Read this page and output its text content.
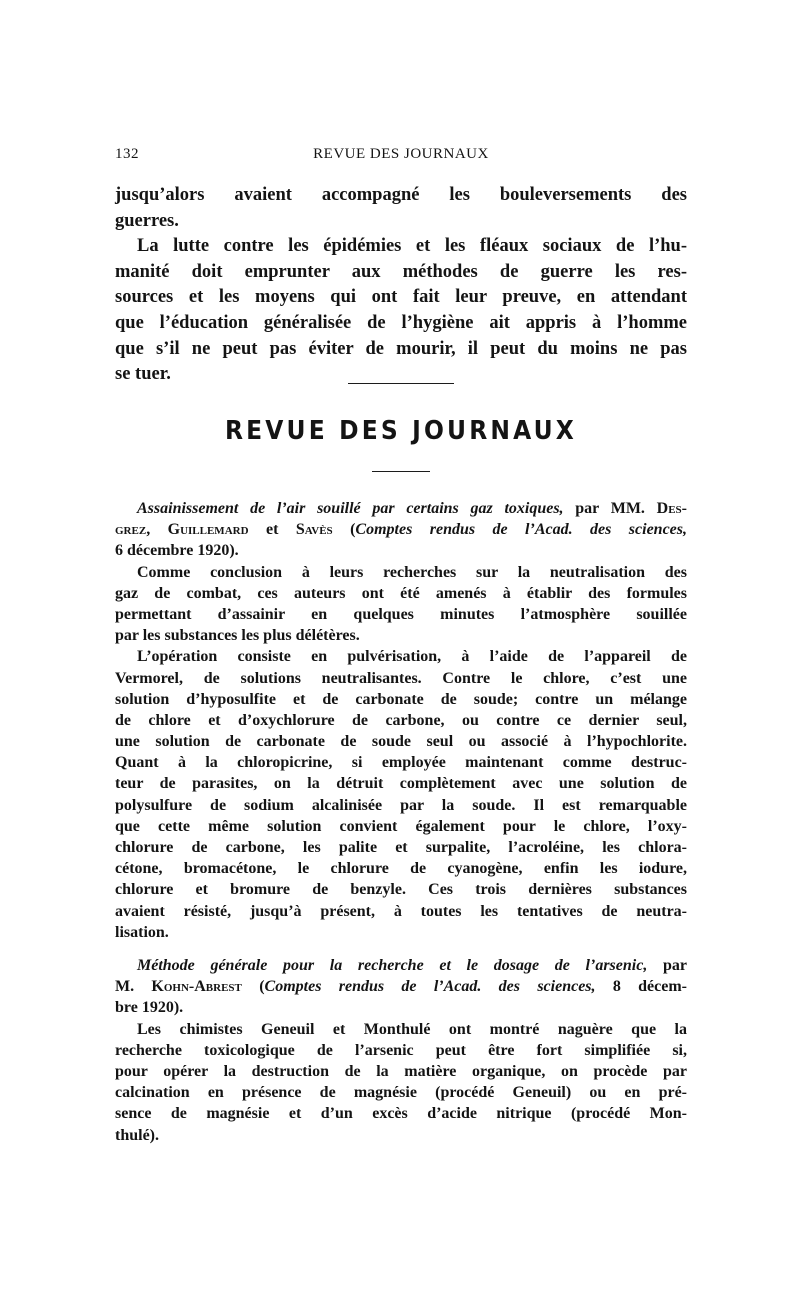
132	REVUE DES JOURNAUX
jusqu’alors avaient accompagné les bouleversements des
guerres.
La lutte contre les épidémies et les fléaux sociaux de l’hu-
manité doit emprunter aux méthodes de guerre les res-
sources et les moyens qui ont fait leur preuve, en attendant
que l’éducation généralisée de l’hygiène ait appris à l’homme
que s’il ne peut pas éviter de mourir, il peut du moins ne pas
se tuer.
REVUE DES JOURNAUX
Assainissement de l’air souillé par certains gaz toxiques, par MM. Des-
grez, Guillemard et Savès (Comptes rendus de l’Acad. des sciences,
6 décembre 1920).
Comme conclusion à leurs recherches sur la neutralisation des
gaz de combat, ces auteurs ont été amenés à établir des formules
permettant d’assainir en quelques minutes l’atmosphère souillée
par les substances les plus délétères.
L’opération consiste en pulvérisation, à l’aide de l’appareil de
Vermorel, de solutions neutralisantes. Contre le chlore, c’est une
solution d’hyposulfite et de carbonate de soude; contre un mélange
de chlore et d’oxychlorure de carbone, ou contre ce dernier seul,
une solution de carbonate de soude seul ou associé à l’hypochlorite.
Quant à la chloropicrine, si employée maintenant comme destruc-
teur de parasites, on la détruit complètement avec une solution de
polysulfure de sodium alcalinisée par la soude. Il est remarquable
que cette même solution convient également pour le chlore, l’oxy-
chlorure de carbone, les palite et surpalite, l’acroléine, les chlora-
cétone, bromacétone, le chlorure de cyanogène, enfin les iodure,
chlorure et bromure de benzyle. Ces trois dernières substances
avaient résisté, jusqu’à présent, à toutes les tentatives de neutra-
lisation.
Méthode générale pour la recherche et le dosage de l’arsenic, par
M. Kohn-Abrest (Comptes rendus de l’Acad. des sciences, 8 décem-
bre 1920).
Les chimistes Geneuil et Monthulé ont montré naguère que la
recherche toxicologique de l’arsenic peut être fort simplifiée si,
pour opérer la destruction de la matière organique, on procède par
calcination en présence de magnésie (procédé Geneuil) ou en pré-
sence de magnésie et d’un excès d’acide nitrique (procédé Mon-
thulé).
